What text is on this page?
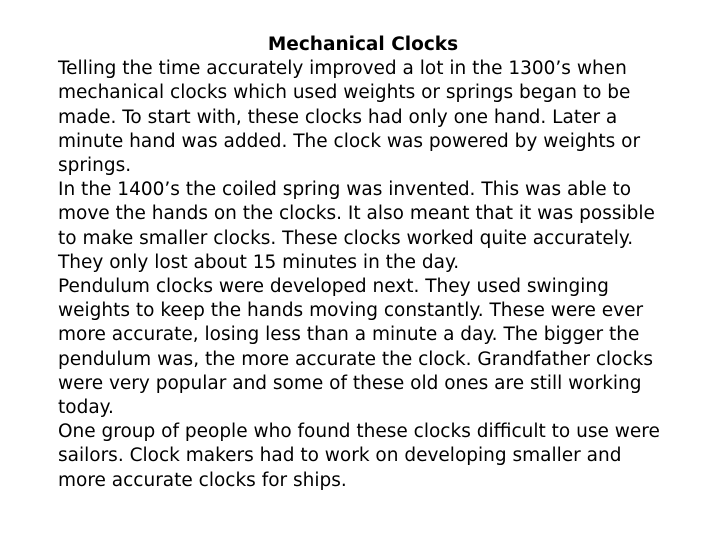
Mechanical Clocks

Telling the time accurately improved a lot in the 1300’s when mechanical clocks which used weights or springs began to be made. To start with, these clocks had only one hand. Later a minute hand was added. The clock was powered by weights or springs.

In the 1400’s the coiled spring was invented. This was able to move the hands on the clocks. It also meant that it was possible to make smaller clocks. These clocks worked quite accurately. They only lost about 15 minutes in the day.

Pendulum clocks were developed next. They used swinging weights to keep the hands moving constantly. These were ever more accurate, losing less than a minute a day. The bigger the pendulum was, the more accurate the clock. Grandfather clocks were very popular and some of these old ones are still working today.

One group of people who found these clocks difficult to use were sailors. Clock makers had to work on developing smaller and more accurate clocks for ships.
